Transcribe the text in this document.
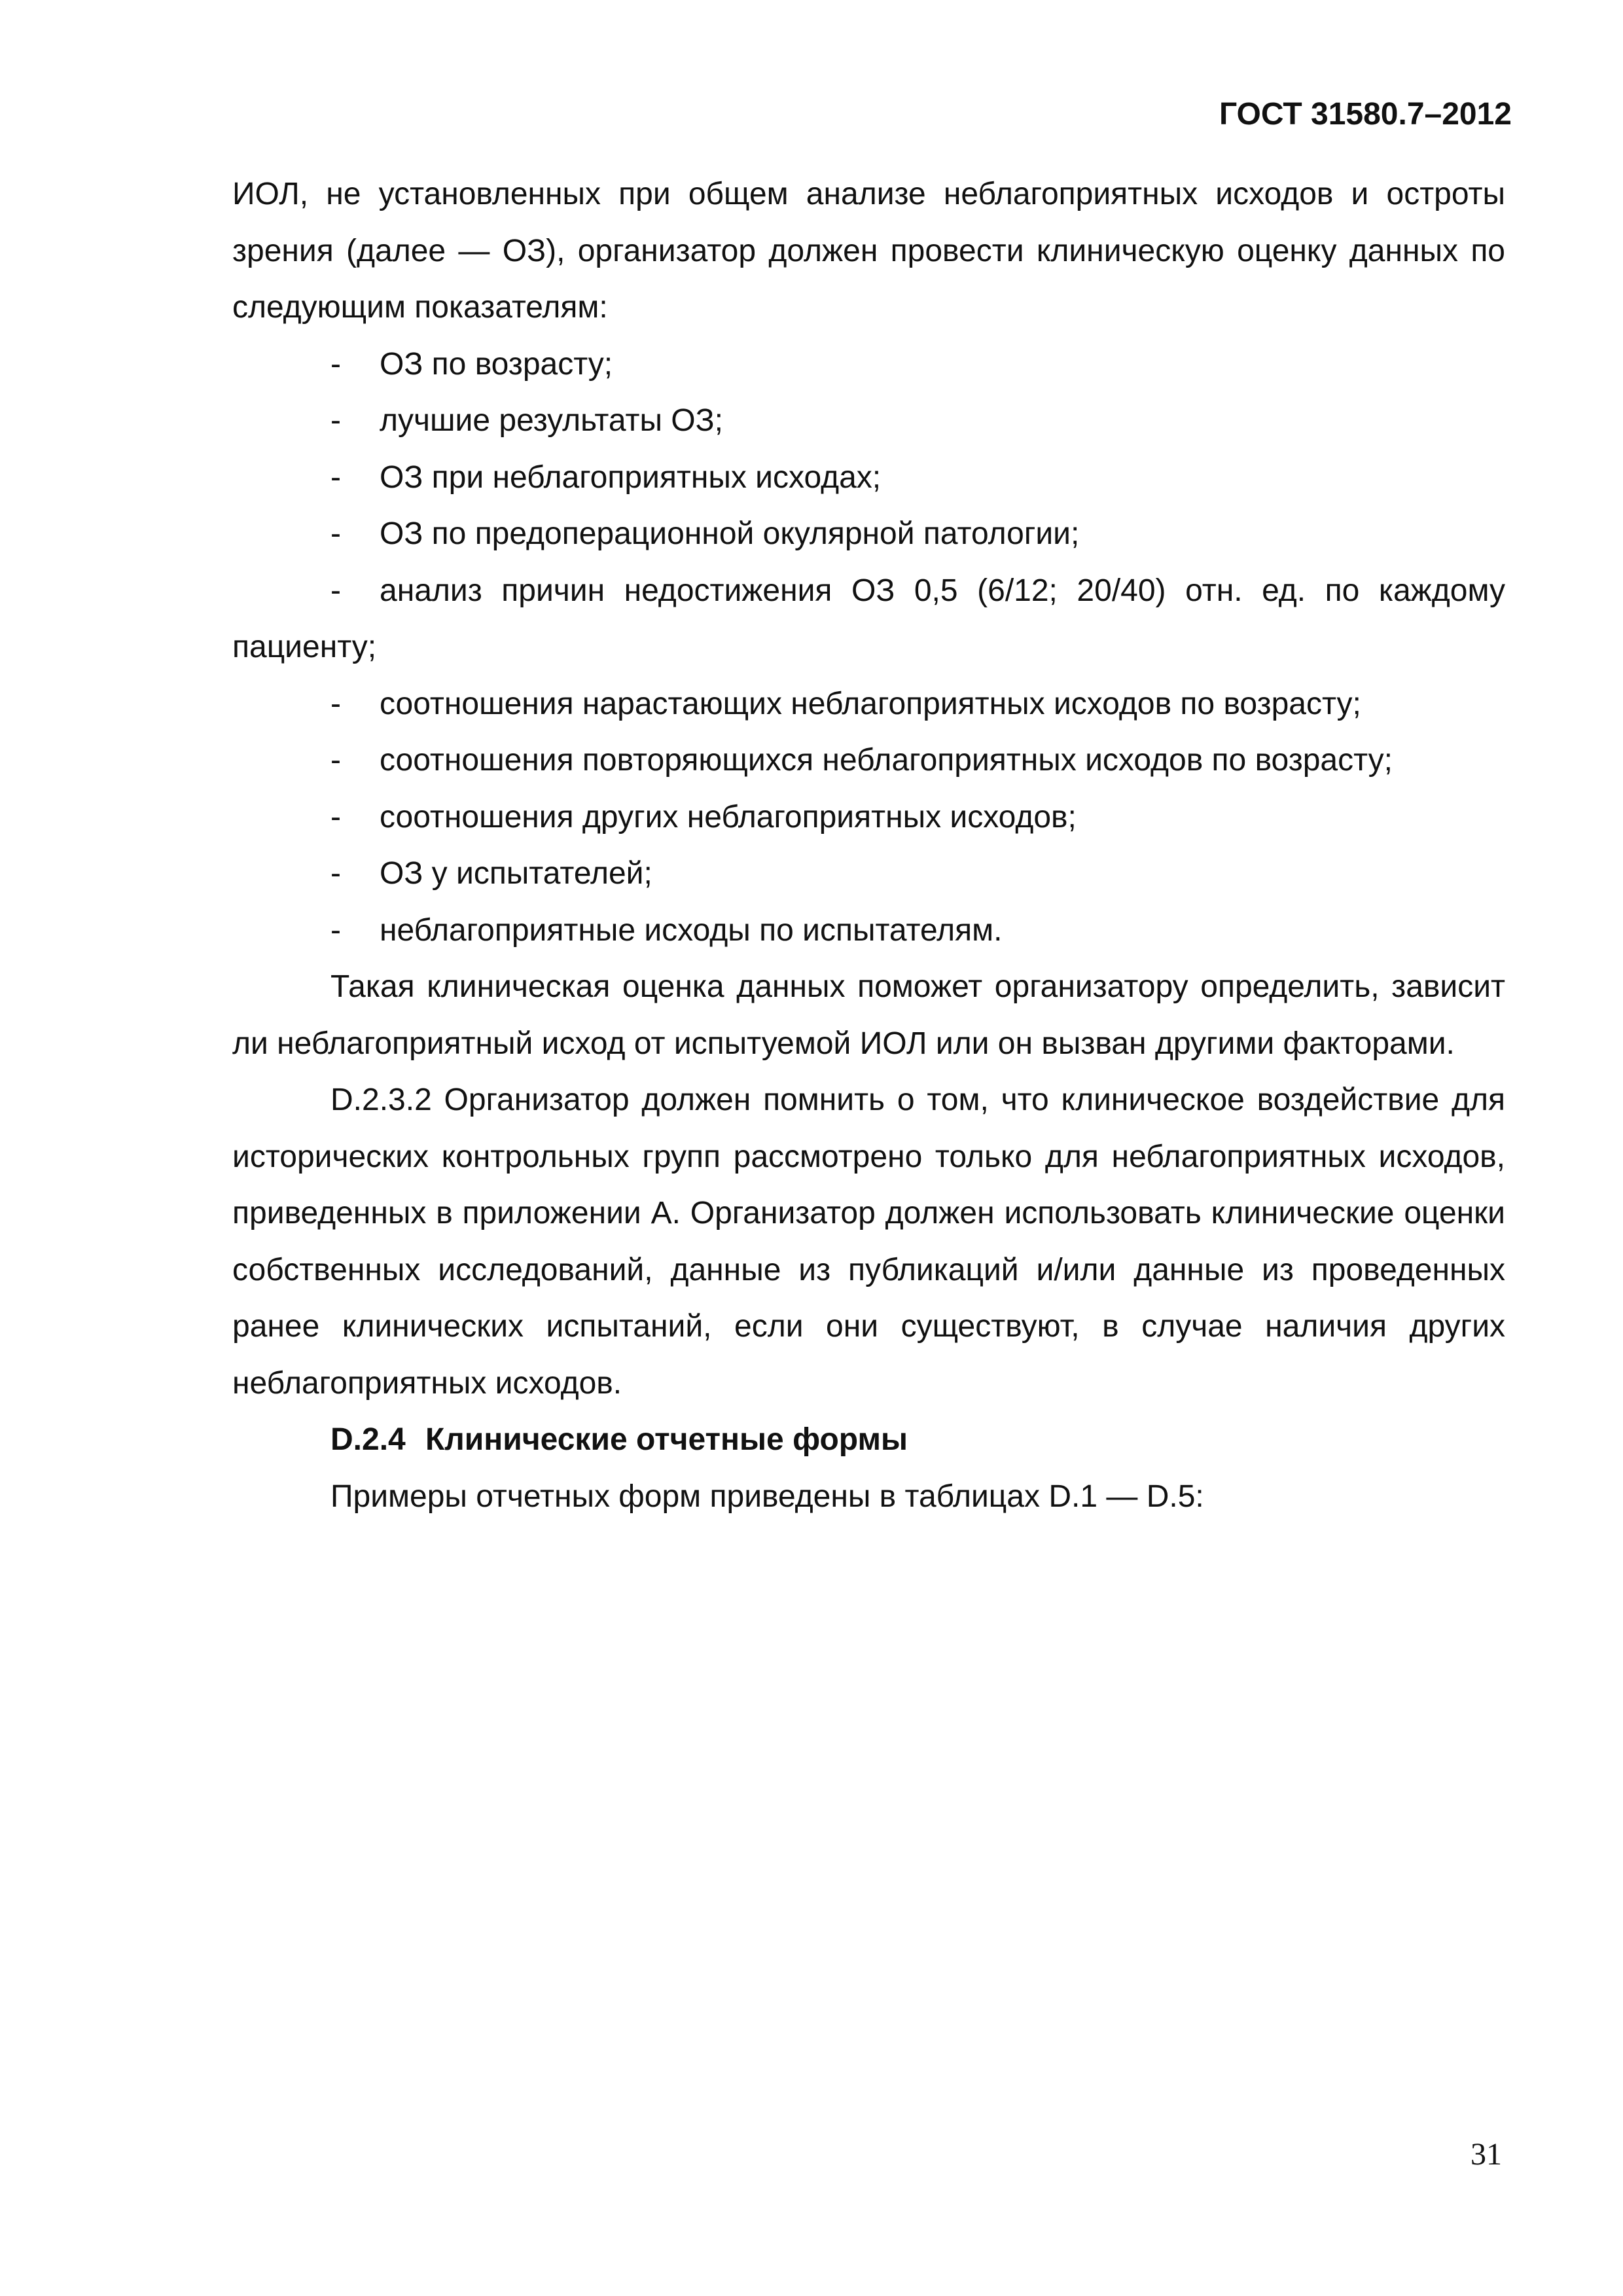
ГОСТ 31580.7–2012

ИОЛ, не установленных при общем анализе неблагоприятных исходов и остроты зрения (далее — ОЗ), организатор должен провести клиническую оценку данных по следующим показателям:

- ОЗ по возрасту;

- лучшие результаты ОЗ;

- ОЗ при неблагоприятных исходах;

- ОЗ по предоперационной окулярной патологии;

- анализ причин недостижения ОЗ 0,5 (6/12; 20/40) отн. ед. по каждому пациенту;

- соотношения нарастающих неблагоприятных исходов по возрасту;

- соотношения повторяющихся неблагоприятных исходов по возрасту;

- соотношения других неблагоприятных исходов;

- ОЗ у испытателей;

- неблагоприятные исходы по испытателям.

Такая клиническая оценка данных поможет организатору определить, зависит ли неблагоприятный исход от испытуемой ИОЛ или он вызван другими факторами.

D.2.3.2 Организатор должен помнить о том, что клиническое воздействие для исторических контрольных групп рассмотрено только для неблагоприятных исходов, приведенных в приложении А. Организатор должен использовать клинические оценки собственных исследований, данные из публикаций и/или данные из проведенных ранее клинических испытаний, если они существуют, в случае наличия других неблагоприятных исходов.

D.2.4 Клинические отчетные формы

Примеры отчетных форм приведены в таблицах D.1 — D.5:

31
